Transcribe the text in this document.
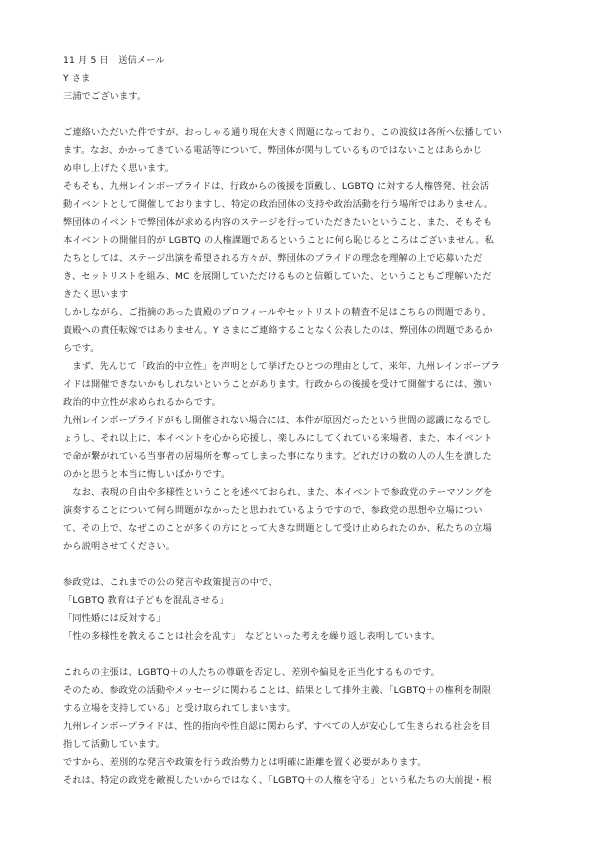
11 月 5 日　送信メール
Y さま
三浦でございます。
ご連絡いただいた件ですが、おっしゃる通り現在大きく問題になっており、この波紋は各所へ伝播してい
ます。なお、かかってきている電話等について、弊団体が関与しているものではないことはあらかじ
め申し上げたく思います。
そもそも、九州レインボープライドは、行政からの後援を頂戴し、LGBTQ に対する人権啓発、社会活
動イベントとして開催しておりますし、特定の政治団体の支持や政治活動を行う場所ではありません。
弊団体のイベントで弊団体が求める内容のステージを行っていただきたいということ、また、そもそも
本イベントの開催目的が LGBTQ の人権課題であるということに何ら恥じるところはございません。私
たちとしては、ステージ出演を希望される方々が、弊団体のプライドの理念を理解の上で応募いただ
き、セットリストを組み、MC を展開していただけるものと信頼していた、ということもご理解いただ
きたく思います
しかしながら、ご指摘のあった貴殿のプロフィールやセットリストの精査不足はこちらの問題であり、
貴殿への責任転嫁ではありません。Y さまにご連絡することなく公表したのは、弊団体の問題であるか
らです。
　まず、先んじて「政治的中立性」を声明として挙げたひとつの理由として、来年、九州レインボープラ
イドは開催できないかもしれないということがあります。行政からの後援を受けて開催するには、強い
政治的中立性が求められるからです。
九州レインボープライドがもし開催されない場合には、本件が原因だったという世間の認識になるでし
ょうし、それ以上に、本イベントを心から応援し、楽しみにしてくれている来場者、また、本イベント
で命が繋がれている当事者の居場所を奪ってしまった事になります。どれだけの数の人の人生を潰した
のかと思うと本当に悔しいばかりです。
　なお、表現の自由や多様性ということを述べておられ、また、本イベントで参政党のテーマソングを
演奏することについて何ら問題がなかったと思われているようですので、参政党の思想や立場につい
て、その上で、なぜこのことが多くの方にとって大きな問題として受け止められたのか、私たちの立場
から説明させてください。
参政党は、これまでの公の発言や政策提言の中で、
「LGBTQ 教育は子どもを混乱させる」
「同性婚には反対する」
「性の多様性を教えることは社会を乱す」　などといった考えを繰り返し表明しています。
これらの主張は、LGBTQ＋の人たちの尊厳を否定し、差別や偏見を正当化するものです。
そのため、参政党の活動やメッセージに関わることは、結果として排外主義、「LGBTQ＋の権利を制限
する立場を支持している」と受け取られてしまいます。
九州レインボープライドは、性的指向や性自認に関わらず、すべての人が安心して生きられる社会を目
指して活動しています。
ですから、差別的な発言や政策を行う政治勢力とは明確に距離を置く必要があります。
それは、特定の政党を敵視したいからではなく、「LGBTQ＋の人権を守る」という私たちの大前提・根
